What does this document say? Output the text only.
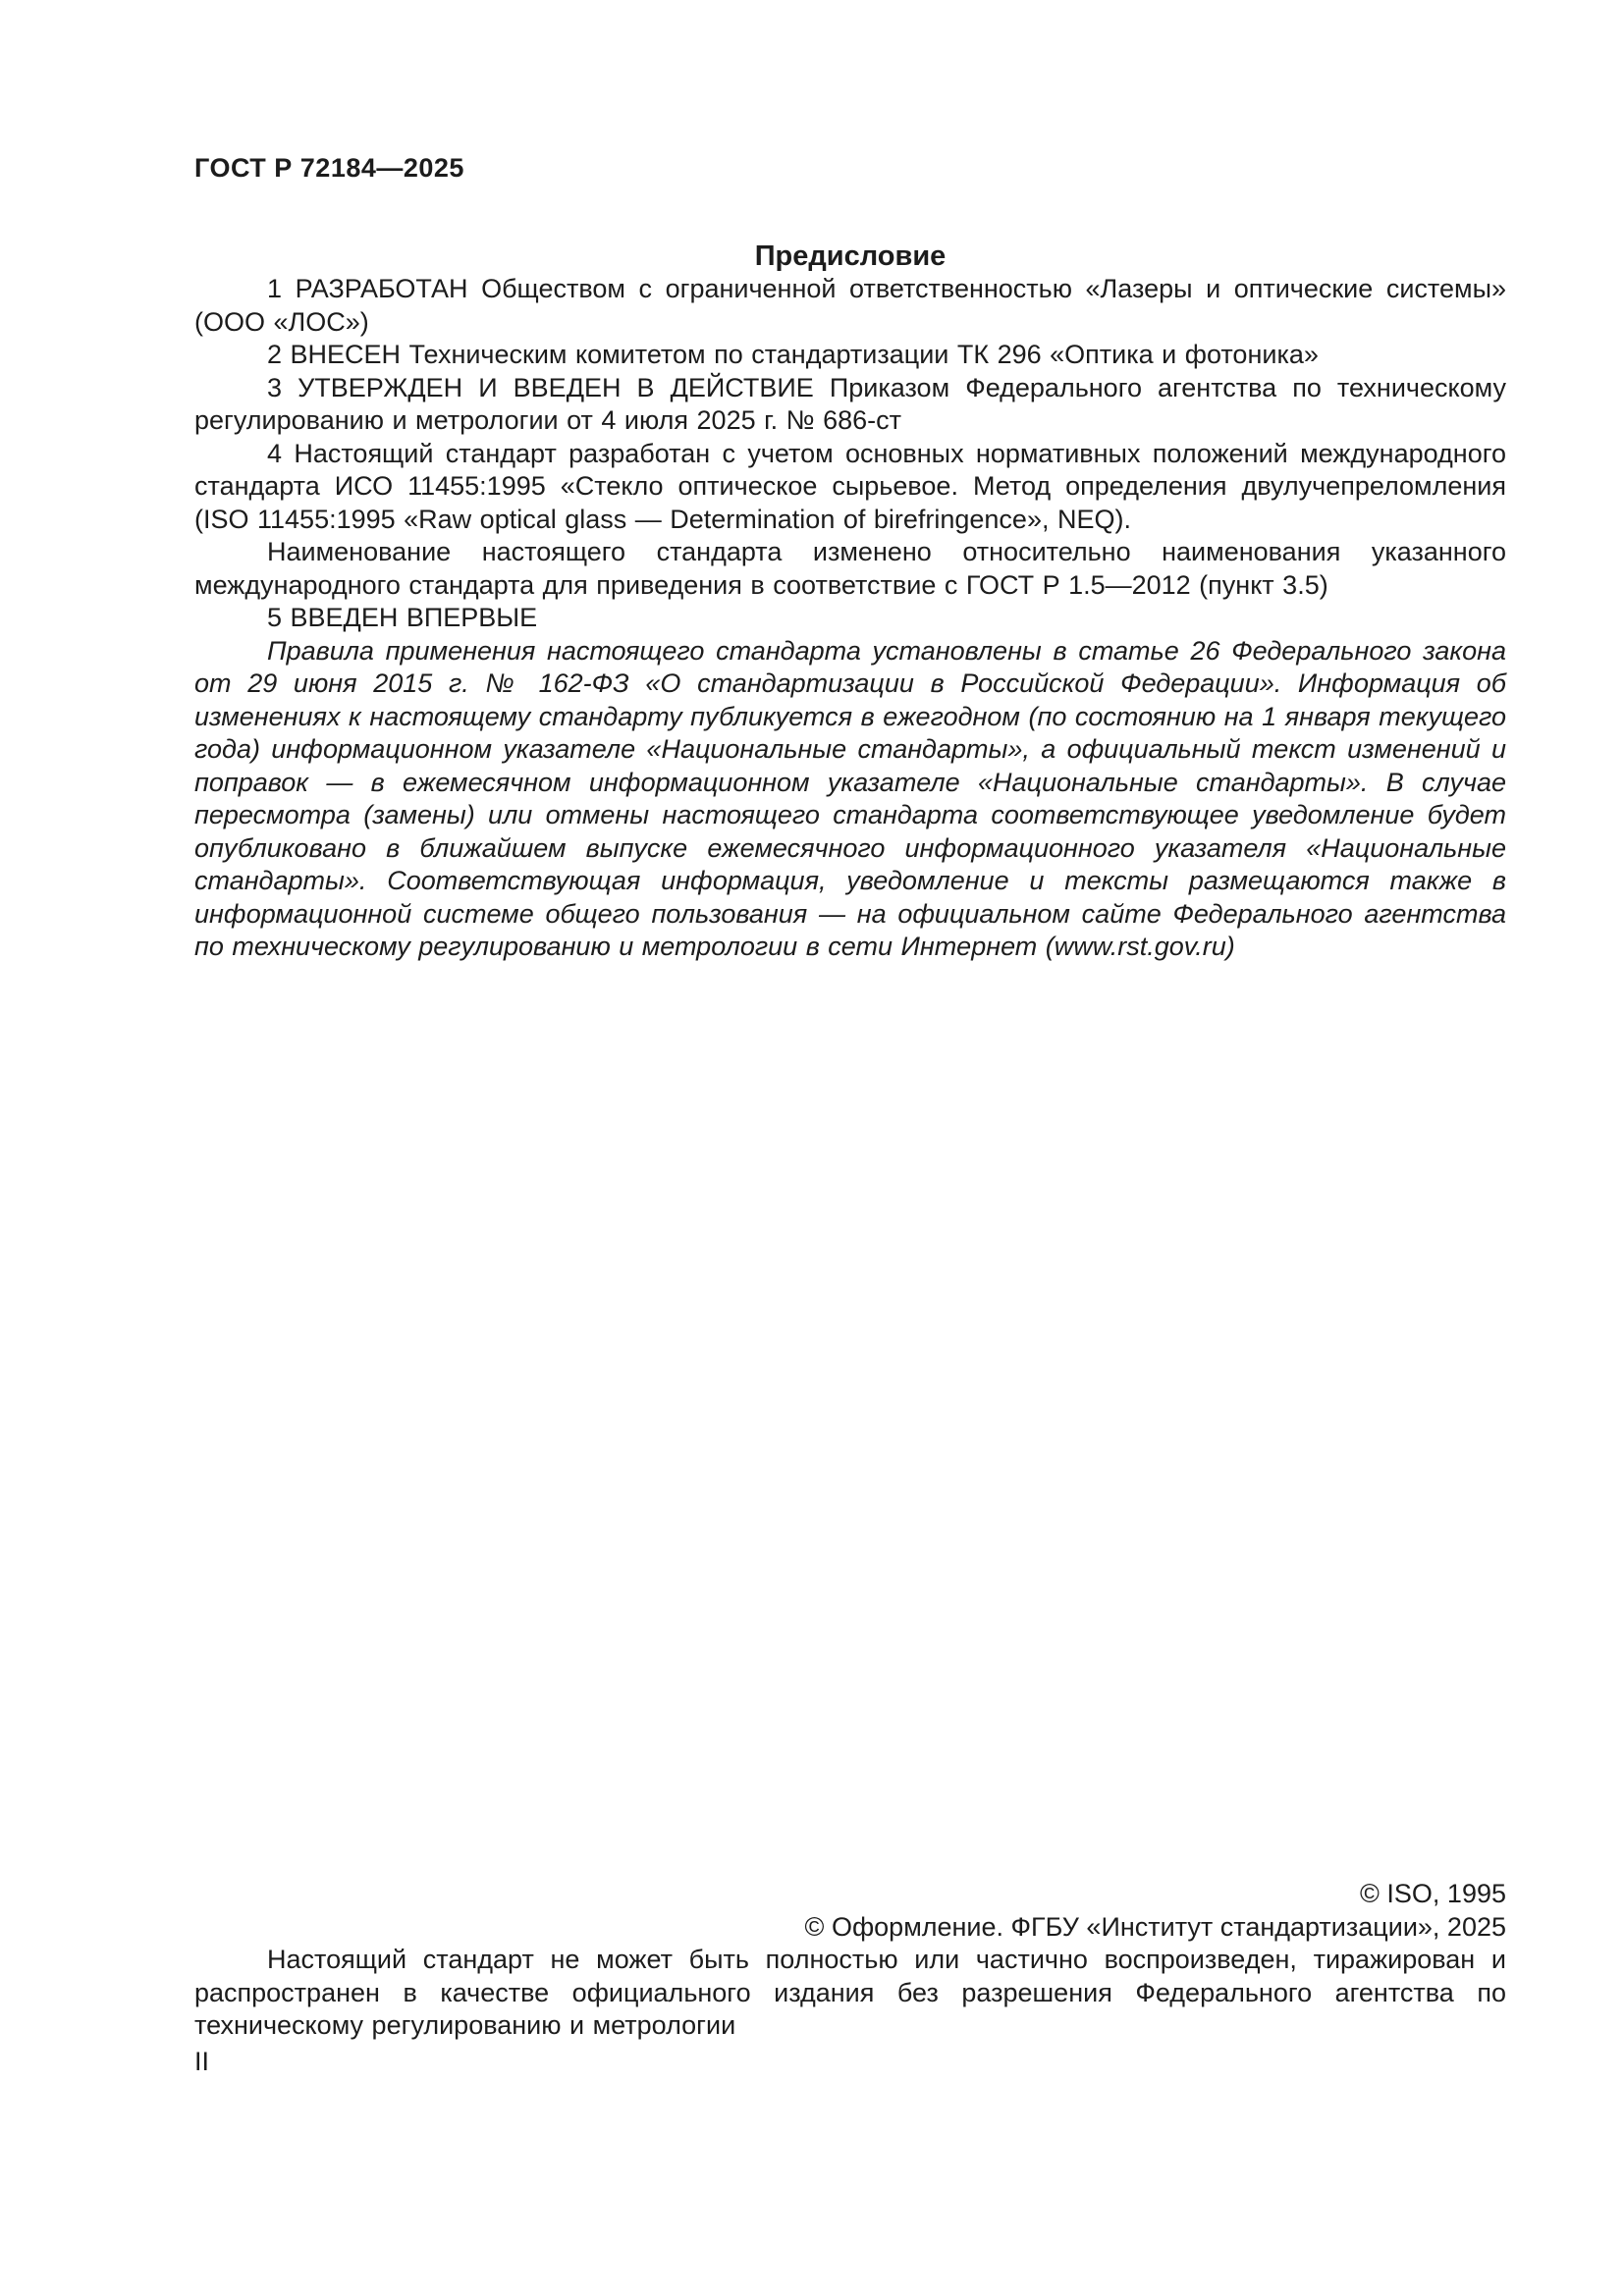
ГОСТ Р 72184—2025
Предисловие

1 РАЗРАБОТАН Обществом с ограниченной ответственностью «Лазеры и оптические системы» (ООО «ЛОС»)

2 ВНЕСЕН Техническим комитетом по стандартизации ТК 296 «Оптика и фотоника»

3 УТВЕРЖДЕН И ВВЕДЕН В ДЕЙСТВИЕ Приказом Федерального агентства по техническому регулированию и метрологии от 4 июля 2025 г. № 686-ст

4 Настоящий стандарт разработан с учетом основных нормативных положений международного стандарта ИСО 11455:1995 «Стекло оптическое сырьевое. Метод определения двулучепреломления (ISO 11455:1995 «Raw optical glass — Determination of birefringence», NEQ).

Наименование настоящего стандарта изменено относительно наименования указанного международного стандарта для приведения в соответствие с ГОСТ Р 1.5—2012 (пункт 3.5)

5 ВВЕДЕН ВПЕРВЫЕ

Правила применения настоящего стандарта установлены в статье 26 Федерального закона от 29 июня 2015 г. № 162-ФЗ «О стандартизации в Российской Федерации». Информация об изменениях к настоящему стандарту публикуется в ежегодном (по состоянию на 1 января текущего года) информационном указателе «Национальные стандарты», а официальный текст изменений и поправок — в ежемесячном информационном указателе «Национальные стандарты». В случае пересмотра (замены) или отмены настоящего стандарта соответствующее уведомление будет опубликовано в ближайшем выпуске ежемесячного информационного указателя «Национальные стандарты». Соответствующая информация, уведомление и тексты размещаются также в информационной системе общего пользования — на официальном сайте Федерального агентства по техническому регулированию и метрологии в сети Интернет (www.rst.gov.ru)

© ISO, 1995
© Оформление. ФГБУ «Институт стандартизации», 2025

Настоящий стандарт не может быть полностью или частично воспроизведен, тиражирован и распространен в качестве официального издания без разрешения Федерального агентства по техническому регулированию и метрологии

II
